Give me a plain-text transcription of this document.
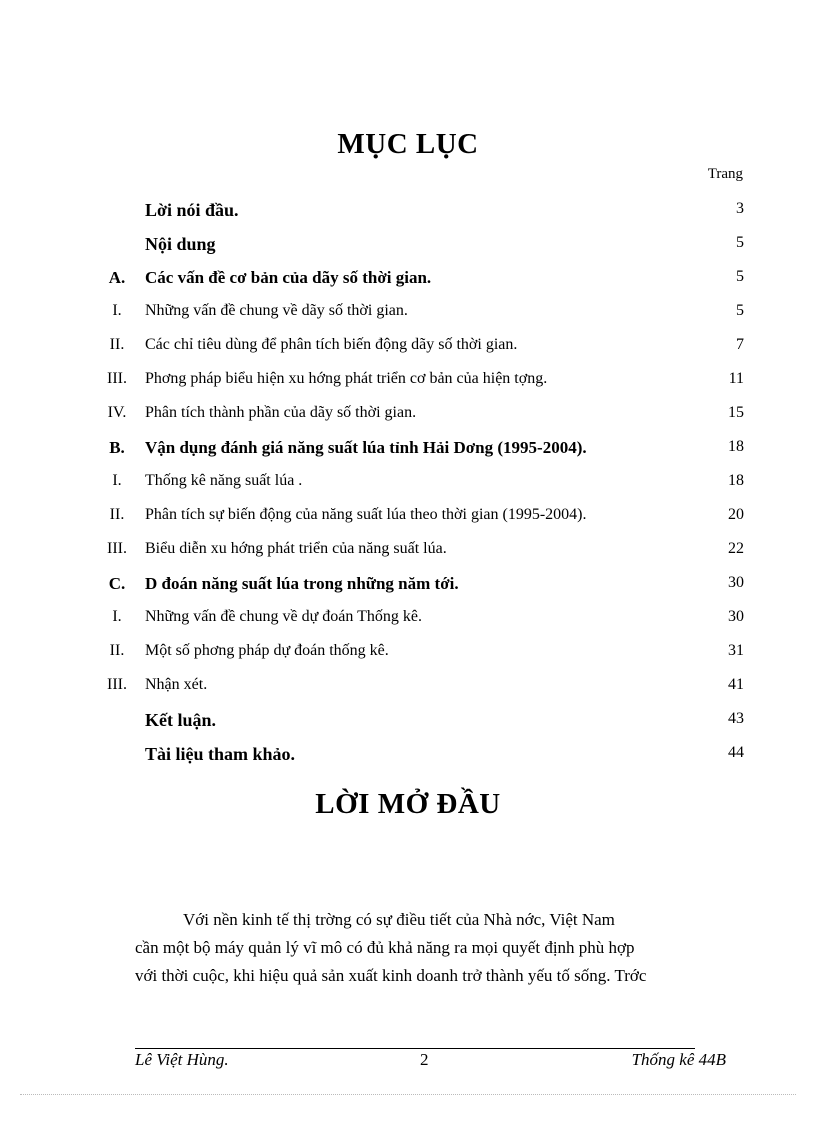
MỤC LỤC
Trang
Lời nói đầu.	3
Nội dung	5
A.	Các vấn đề cơ bản của dãy số thời gian.	5
I.	Những vấn đề chung về dãy số thời gian.	5
II.	Các chỉ tiêu dùng để phân tích biến động dãy số thời gian.	7
III.	Phơng pháp biểu hiện xu hớng phát triển cơ bản của hiện tợng.	11
IV.	Phân tích thành phần của dãy số thời gian.	15
B.	Vận dụng đánh giá năng suất lúa tỉnh Hải Dơng (1995-2004).	18
I.	Thống kê năng suất lúa .	18
II.	Phân tích sự biến động của năng suất lúa theo thời gian (1995-2004).	20
III.	Biểu diễn xu hớng phát triển của năng suất lúa.	22
C.	D đoán năng suất lúa trong những năm tới.	30
I.	Những vấn đề chung về dự đoán Thống kê.	30
II.	Một số phơng pháp dự đoán thống kê.	31
III.	Nhận xét.	41
Kết luận.	43
Tài liệu tham khảo.	44
LỜI MỞ ĐẦU
Với nền kinh tế thị trờng có sự điều tiết của Nhà nớc, Việt Nam
cần một bộ máy quản lý vĩ mô có đủ khả năng ra mọi quyết định phù hợp
với thời cuộc, khi hiệu quả sản xuất kinh doanh trở thành yếu tố sống. Trớc
Lê Việt Hùng.	2	Thống kê 44B
